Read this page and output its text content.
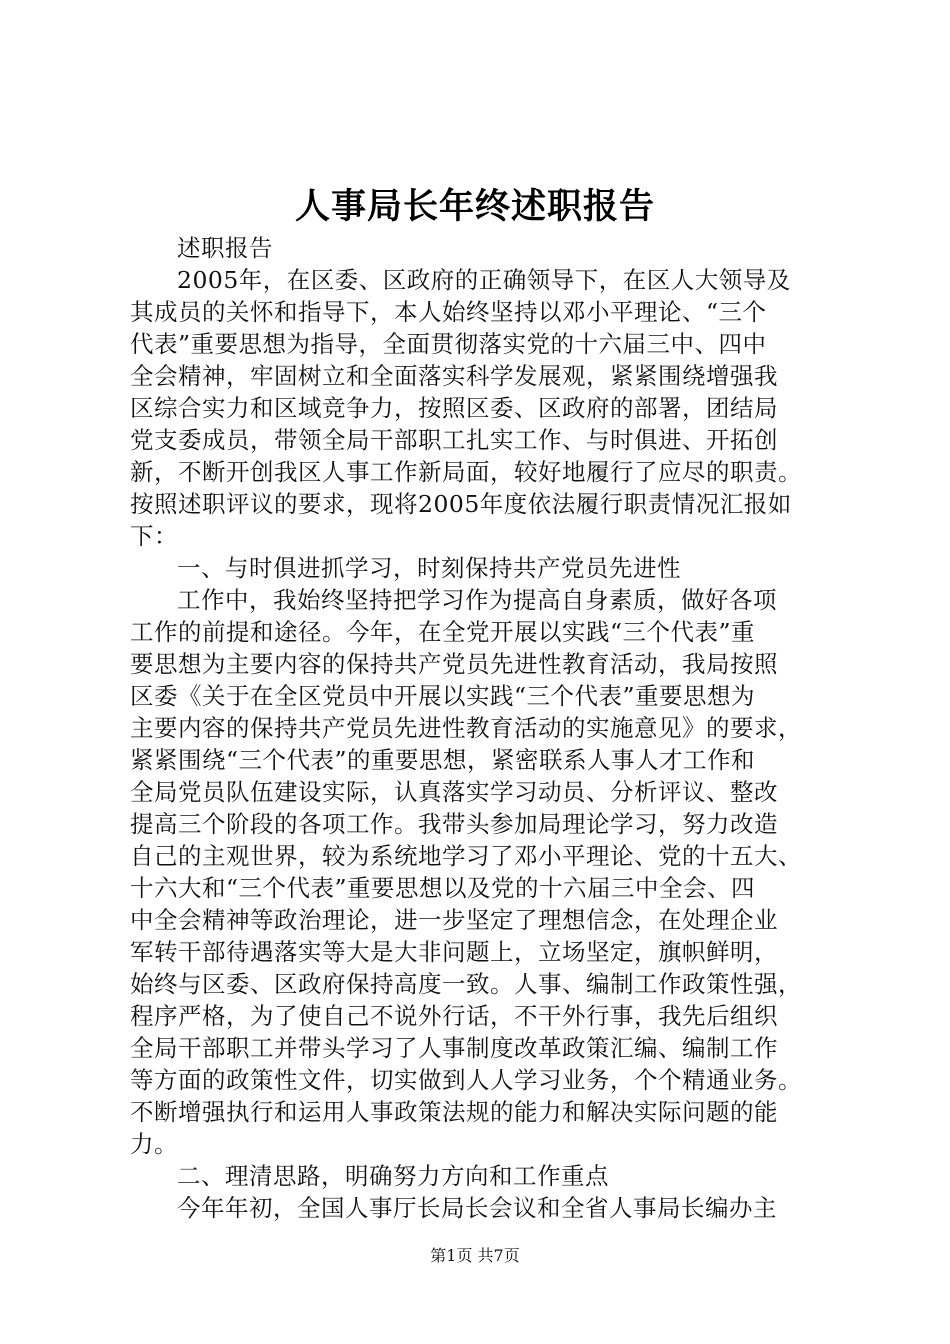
人事局长年终述职报告
述职报告
2005年，在区委、区政府的正确领导下，在区人大领导及
其成员的关怀和指导下，本人始终坚持以邓小平理论、“三个
代表”重要思想为指导，全面贯彻落实党的十六届三中、四中
全会精神，牢固树立和全面落实科学发展观，紧紧围绕增强我
区综合实力和区域竞争力，按照区委、区政府的部署，团结局
党支委成员，带领全局干部职工扎实工作、与时俱进、开拓创
新，不断开创我区人事工作新局面，较好地履行了应尽的职责。
按照述职评议的要求，现将2005年度依法履行职责情况汇报如
下：
一、与时俱进抓学习，时刻保持共产党员先进性
工作中，我始终坚持把学习作为提高自身素质，做好各项
工作的前提和途径。今年，在全党开展以实践“三个代表”重
要思想为主要内容的保持共产党员先进性教育活动，我局按照
区委《关于在全区党员中开展以实践“三个代表”重要思想为
主要内容的保持共产党员先进性教育活动的实施意见》的要求，
紧紧围绕“三个代表”的重要思想，紧密联系人事人才工作和
全局党员队伍建设实际，认真落实学习动员、分析评议、整改
提高三个阶段的各项工作。我带头参加局理论学习，努力改造
自己的主观世界，较为系统地学习了邓小平理论、党的十五大、
十六大和“三个代表”重要思想以及党的十六届三中全会、四
中全会精神等政治理论，进一步坚定了理想信念，在处理企业
军转干部待遇落实等大是大非问题上，立场坚定，旗帜鲜明，
始终与区委、区政府保持高度一致。人事、编制工作政策性强，
程序严格，为了使自己不说外行话，不干外行事，我先后组织
全局干部职工并带头学习了人事制度改革政策汇编、编制工作
等方面的政策性文件，切实做到人人学习业务，个个精通业务。
不断增强执行和运用人事政策法规的能力和解决实际问题的能
力。
二、理清思路，明确努力方向和工作重点
今年年初，全国人事厅长局长会议和全省人事局长编办主
第1页 共7页
